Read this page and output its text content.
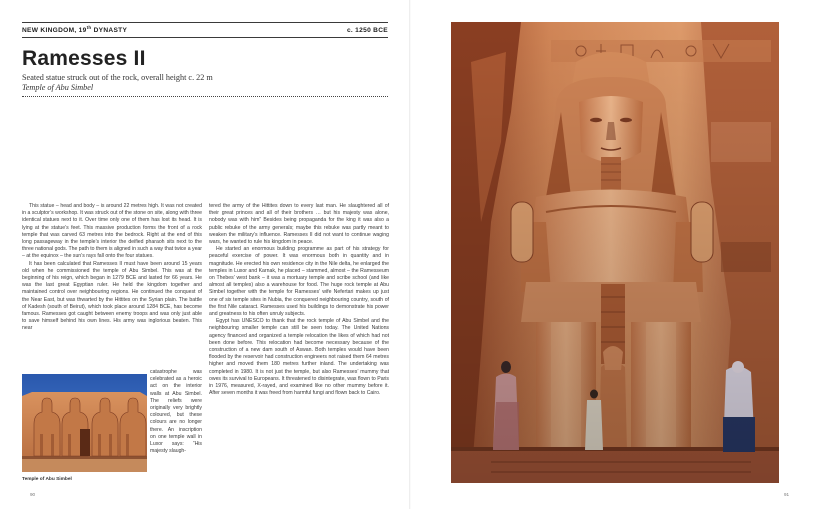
NEW KINGDOM, 19th DYNASTY	c. 1250 BCE
Ramesses II
Seated statue struck out of the rock, overall height c. 22 m
Temple of Abu Simbel

This statue – head and body – is around 22 metres high. It was not created in a sculptor’s workshop. It was struck out of the stone on site, along with three identical statues next to it. Over time only one of them has lost its head. It is lying at the statue’s feet. This massive production forms the front of a rock temple that was carved 63 metres into the bedrock. Right at the end of this long passageway in the temple’s interior the deified pharaoh sits next to the three national gods. The path to them is aligned in such a way that twice a year – at the equinox – the sun’s rays fall onto the four statues.

It has been calculated that Ramesses II must have been around 15 years old when he commissioned the temple of Abu Simbel. This was at the beginning of his reign, which began in 1279 BCE and lasted for 66 years. He was the last great Egyptian ruler. He held the kingdom together and maintained control over neighbouring regions. He continued the conquest of the Near East, but was thwarted by the Hittites on the Syrian plain. The battle of Kadesh (south of Beirut), which took place around 1284 BCE, has become famous. Ramesses got caught between enemy troops and was only just able to save himself behind his own lines. His army was inglorious beaten. This near

catastrophe was celebrated as a heroic act on the interior walls at Abu Simbel. The reliefs were originally very brightly coloured, but these colours are no longer there. An inscription on one temple wall in Luxor says: “His majesty slaugh-

tered the army of the Hittites down to every last man. He slaughtered all of their great princes and all of their brothers … but his majesty was alone, nobody was with him” Besides being propaganda for the king it was also a public rebuke of the army generals; maybe this rebuke was partly meant to weaken the military’s influence. Ramesses II did not want to continue waging wars, he wanted to rule his kingdom in peace.

He started an enormous building programme as part of his strategy for peaceful exercise of power. It was enormous both in quantity and in magnitude. He erected his own residence city in the Nile delta, he enlarged the temples in Luxor and Karnak, he placed – stammed, almost – the Ramesseum on Thebes’ west bank – it was a mortuary temple and scribe school (and like almost all temples) also a warehouse for food. The huge rock temple at Abu Simbel together with the temple for Ramesses’ wife Nefertari makes up just one of six temple sites in Nubia, the conquered neighbouring country, south of the first Nile cataract. Ramesses used his buildings to demonstrate his power and greatness to his often unruly subjects.

Egypt has UNESCO to thank that the rock temple of Abu Simbel and the neighbouring smaller temple can still be seen today. The United Nations agency financed and organized a temple relocation the likes of which had not been done before. This relocation had become necessary because of the construction of a new dam south of Aswan. Both temples would have been flooded by the reservoir had construction engineers not raised them 64 metres higher and moved them 180 metres further inland. The undertaking was completed in 1980. It is not just the temple, but also Ramesses’ mummy that owes its survival to Europeans. It threatened to disintegrate, was flown to Paris in 1976, measured, X-rayed, and examined like no other mummy before it. After seven months it was freed from harmful fungi and flown back to Cairo.

Temple of Abu Simbel
90	91
